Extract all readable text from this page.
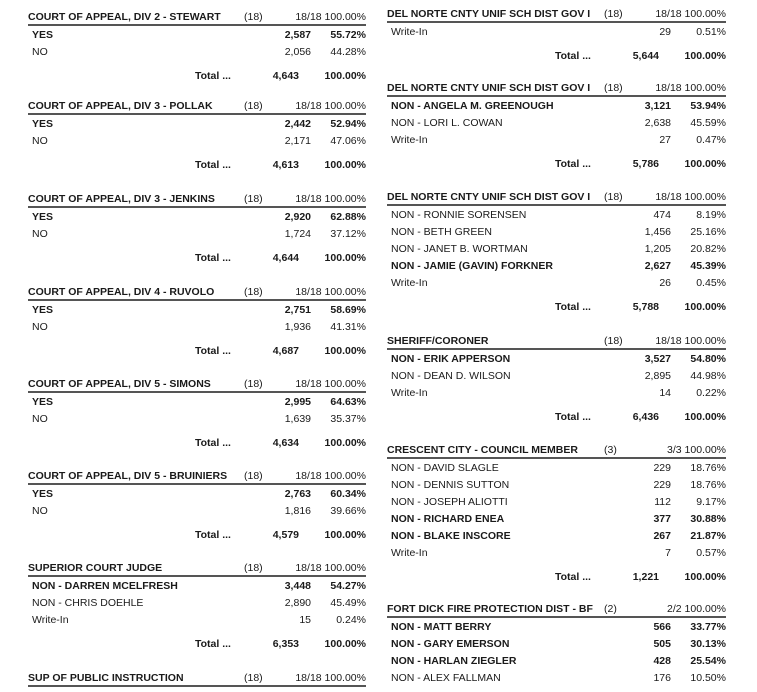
COURT OF APPEAL, DIV 2 - STEWART	(18)	18/18 100.00%
YES	2,587	55.72%
NO	2,056	44.28%
Total ...	4,643	100.00%
COURT OF APPEAL, DIV 3 - POLLAK	(18)	18/18 100.00%
YES	2,442	52.94%
NO	2,171	47.06%
Total ...	4,613	100.00%
COURT OF APPEAL, DIV 3 - JENKINS	(18)	18/18 100.00%
YES	2,920	62.88%
NO	1,724	37.12%
Total ...	4,644	100.00%
COURT OF APPEAL, DIV 4 - RUVOLO	(18)	18/18 100.00%
YES	2,751	58.69%
NO	1,936	41.31%
Total ...	4,687	100.00%
COURT OF APPEAL, DIV 5 - SIMONS	(18)	18/18 100.00%
YES	2,995	64.63%
NO	1,639	35.37%
Total ...	4,634	100.00%
COURT OF APPEAL, DIV 5 - BRUINIERS	(18)	18/18 100.00%
YES	2,763	60.34%
NO	1,816	39.66%
Total ...	4,579	100.00%
SUPERIOR COURT JUDGE	(18)	18/18 100.00%
NON - DARREN MCELFRESH	3,448	54.27%
NON - CHRIS DOEHLE	2,890	45.49%
Write-In	15	0.24%
Total ...	6,353	100.00%
SUP OF PUBLIC INSTRUCTION	(18)	18/18 100.00%
DEL NORTE CNTY UNIF SCH DIST GOV I	(18)	18/18 100.00%
Write-In	29	0.51%
Total ...	5,644	100.00%
DEL NORTE CNTY UNIF SCH DIST GOV I	(18)	18/18 100.00%
NON - ANGELA M. GREENOUGH	3,121	53.94%
NON - LORI L. COWAN	2,638	45.59%
Write-In	27	0.47%
Total ...	5,786	100.00%
DEL NORTE CNTY UNIF SCH DIST GOV I	(18)	18/18 100.00%
NON - RONNIE SORENSEN	474	8.19%
NON - BETH GREEN	1,456	25.16%
NON - JANET B. WORTMAN	1,205	20.82%
NON - JAMIE (GAVIN) FORKNER	2,627	45.39%
Write-In	26	0.45%
Total ...	5,788	100.00%
SHERIFF/CORONER	(18)	18/18 100.00%
NON - ERIK APPERSON	3,527	54.80%
NON - DEAN D. WILSON	2,895	44.98%
Write-In	14	0.22%
Total ...	6,436	100.00%
CRESCENT CITY - COUNCIL MEMBER	(3)	3/3 100.00%
NON - DAVID SLAGLE	229	18.76%
NON - DENNIS SUTTON	229	18.76%
NON - JOSEPH ALIOTTI	112	9.17%
NON - RICHARD ENEA	377	30.88%
NON - BLAKE INSCORE	267	21.87%
Write-In	7	0.57%
Total ...	1,221	100.00%
FORT DICK FIRE PROTECTION DIST - BF	(2)	2/2 100.00%
NON - MATT BERRY	566	33.77%
NON - GARY EMERSON	505	30.13%
NON - HARLAN ZIEGLER	428	25.54%
NON - ALEX FALLMAN	176	10.50%
